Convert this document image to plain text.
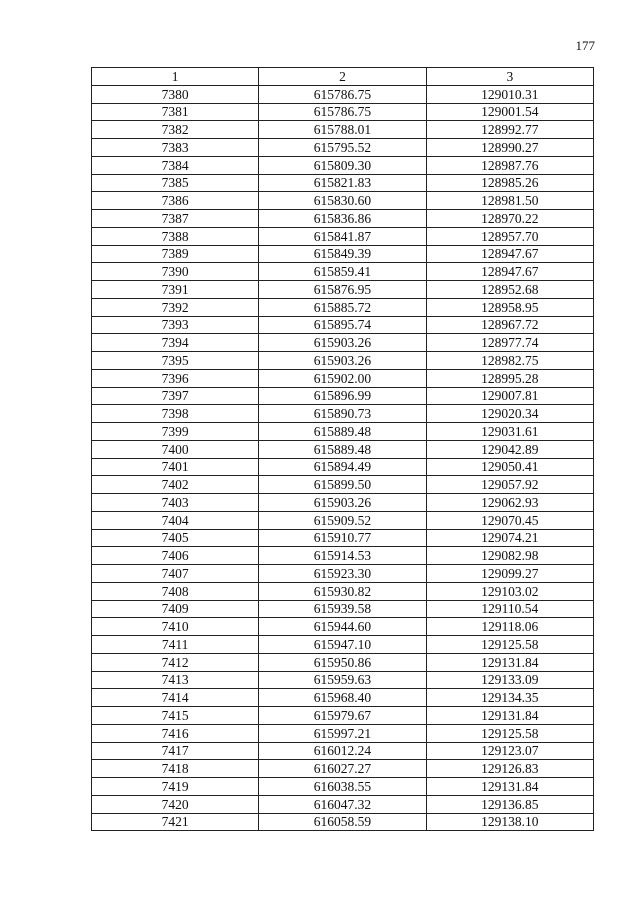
177
1	2	3
7380	615786.75	129010.31
7381	615786.75	129001.54
7382	615788.01	128992.77
7383	615795.52	128990.27
7384	615809.30	128987.76
7385	615821.83	128985.26
7386	615830.60	128981.50
7387	615836.86	128970.22
7388	615841.87	128957.70
7389	615849.39	128947.67
7390	615859.41	128947.67
7391	615876.95	128952.68
7392	615885.72	128958.95
7393	615895.74	128967.72
7394	615903.26	128977.74
7395	615903.26	128982.75
7396	615902.00	128995.28
7397	615896.99	129007.81
7398	615890.73	129020.34
7399	615889.48	129031.61
7400	615889.48	129042.89
7401	615894.49	129050.41
7402	615899.50	129057.92
7403	615903.26	129062.93
7404	615909.52	129070.45
7405	615910.77	129074.21
7406	615914.53	129082.98
7407	615923.30	129099.27
7408	615930.82	129103.02
7409	615939.58	129110.54
7410	615944.60	129118.06
7411	615947.10	129125.58
7412	615950.86	129131.84
7413	615959.63	129133.09
7414	615968.40	129134.35
7415	615979.67	129131.84
7416	615997.21	129125.58
7417	616012.24	129123.07
7418	616027.27	129126.83
7419	616038.55	129131.84
7420	616047.32	129136.85
7421	616058.59	129138.10
